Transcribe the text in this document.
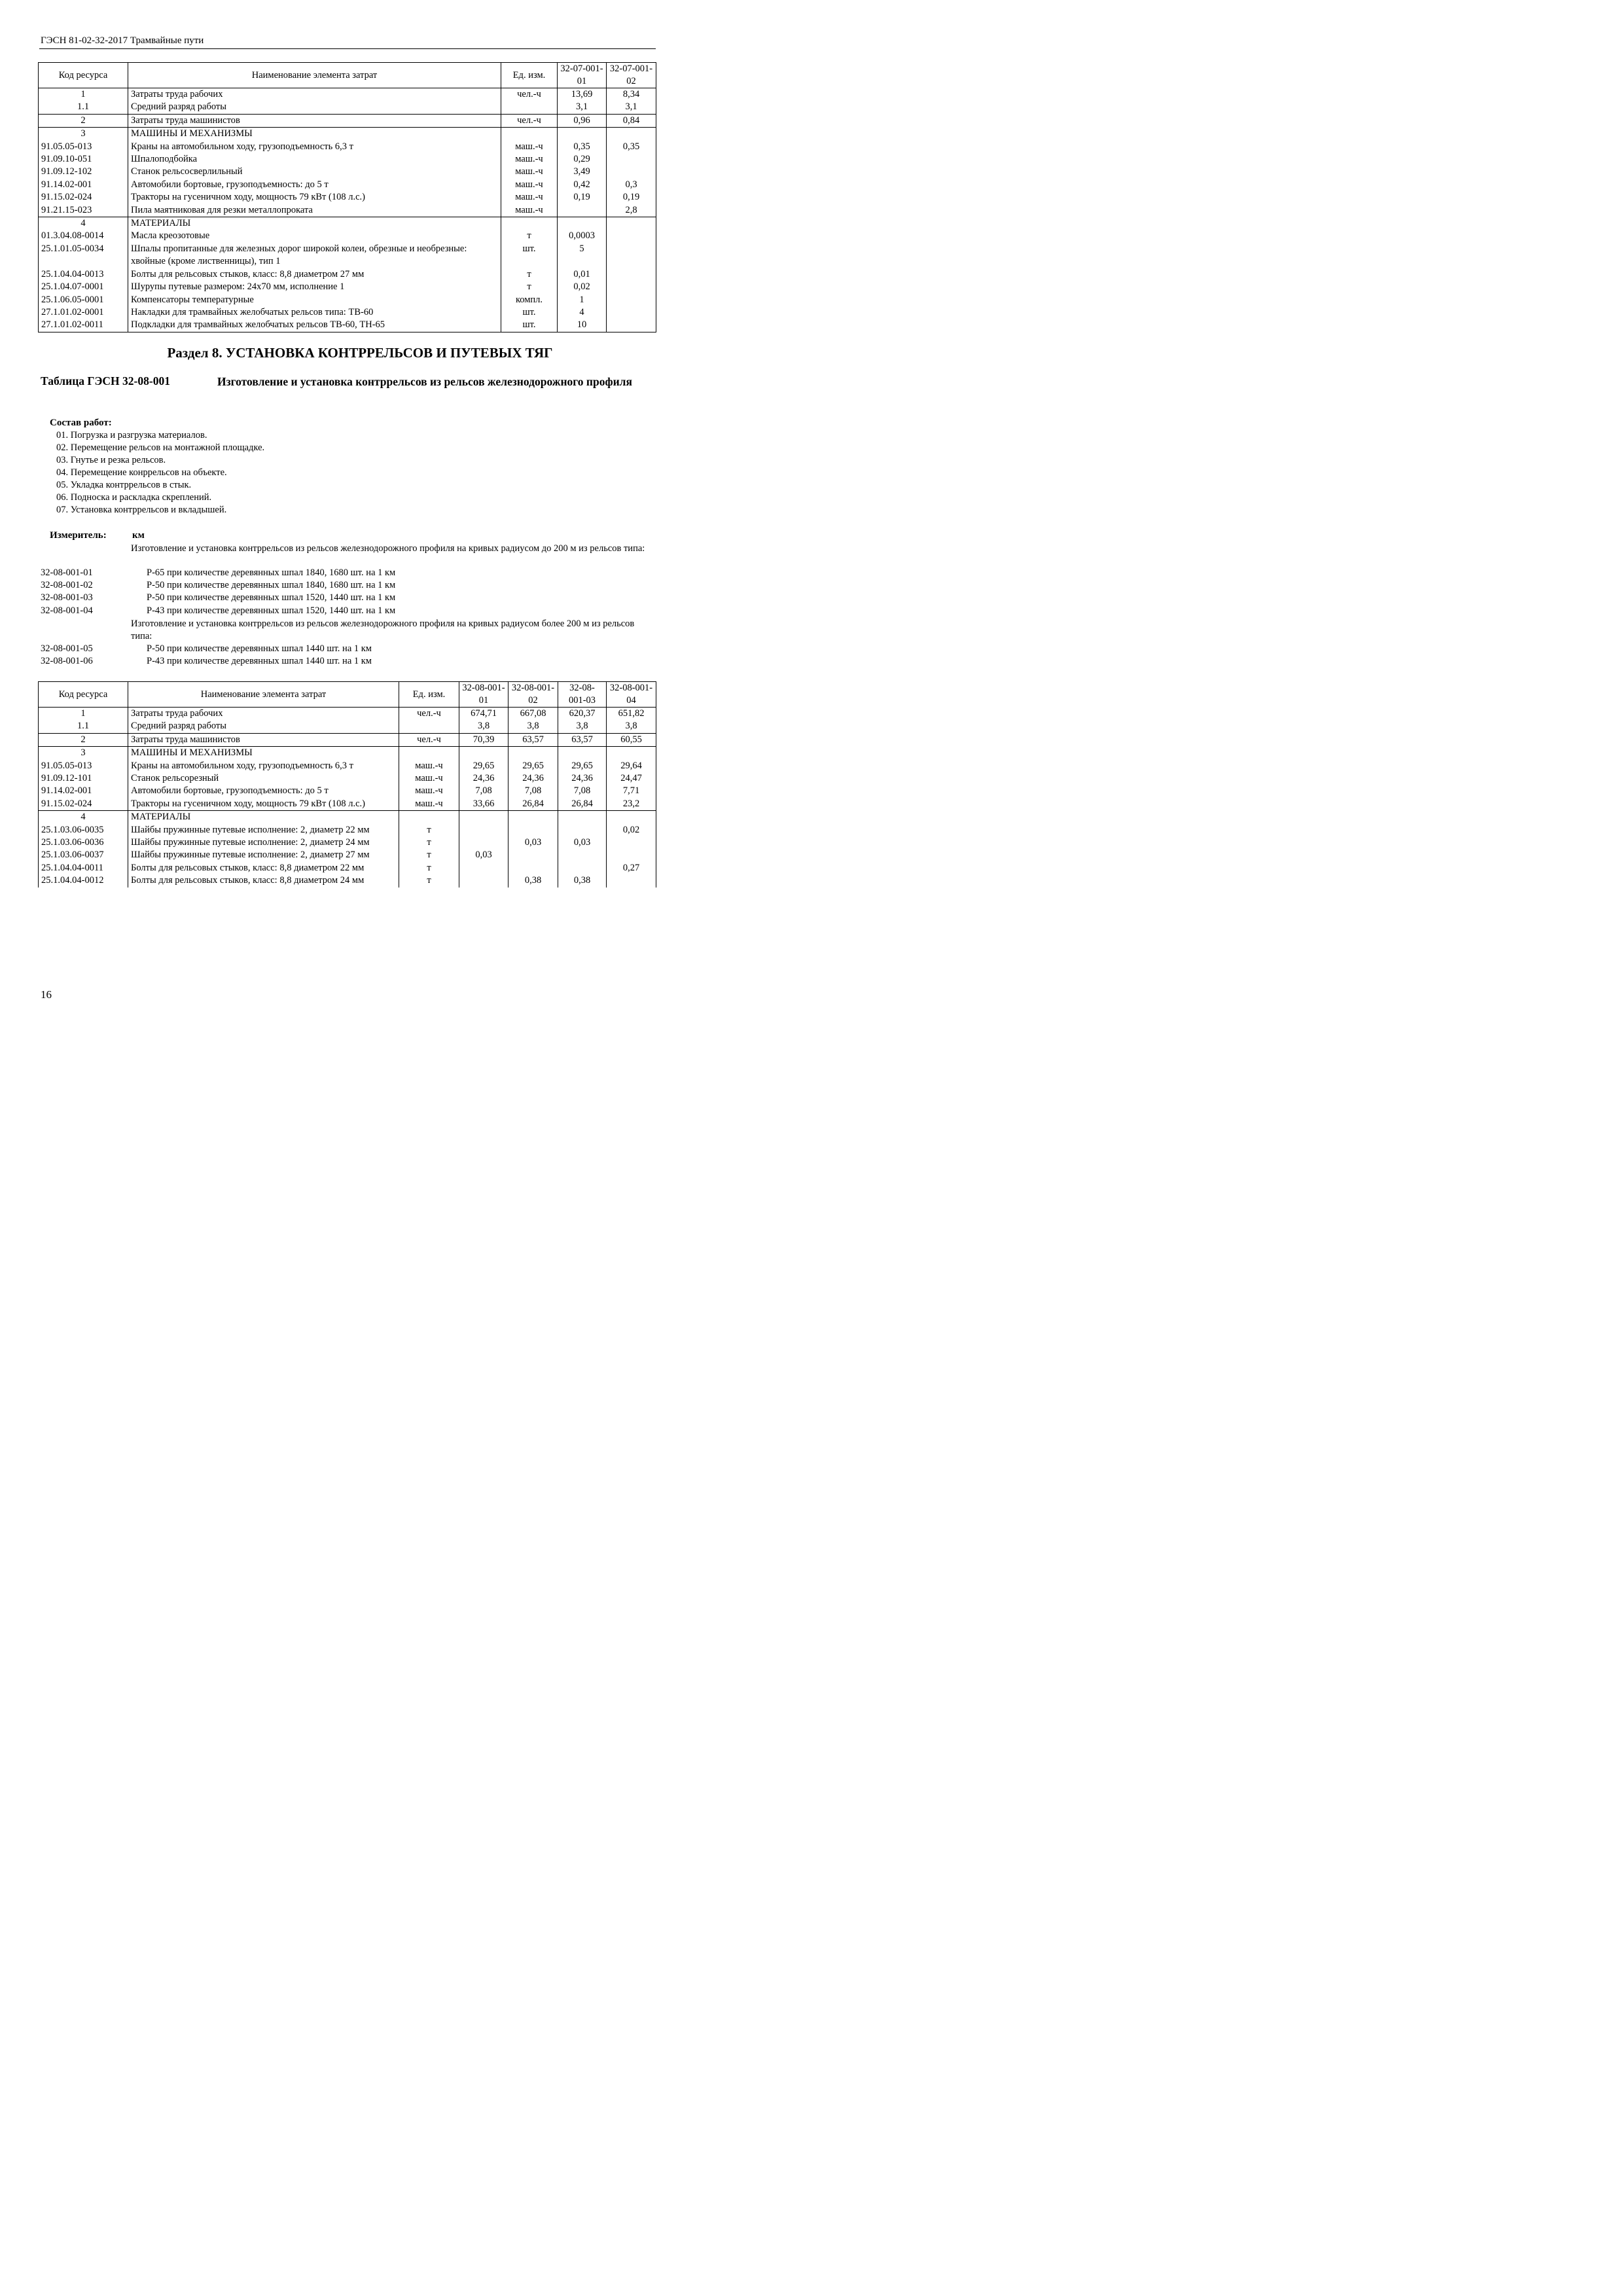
ГЭСН 81-02-32-2017 Трамвайные пути
Код ресурса	Наименование элемента затрат	Ед. изм.	32-07-001-01	32-07-001-02
1	Затраты труда рабочих	чел.-ч	13,69	8,34
1.1	Средний разряд работы		3,1	3,1
2	Затраты труда машинистов	чел.-ч	0,96	0,84
3	МАШИНЫ И МЕХАНИЗМЫ			
91.05.05-013	Краны на автомобильном ходу, грузоподъемность 6,3 т	маш.-ч	0,35	0,35
91.09.10-051	Шпалоподбойка	маш.-ч	0,29	
91.09.12-102	Станок рельсосверлильный	маш.-ч	3,49	
91.14.02-001	Автомобили бортовые, грузоподъемность: до 5 т	маш.-ч	0,42	0,3
91.15.02-024	Тракторы на гусеничном ходу, мощность 79 кВт (108 л.с.)	маш.-ч	0,19	0,19
91.21.15-023	Пила маятниковая для резки металлопроката	маш.-ч		2,8
4	МАТЕРИАЛЫ			
01.3.04.08-0014	Масла креозотовые	т	0,0003	
25.1.01.05-0034	Шпалы пропитанные для железных дорог широкой колеи, обрезные и необрезные: хвойные (кроме лиственницы), тип 1	шт.	5	
25.1.04.04-0013	Болты для рельсовых стыков, класс: 8,8 диаметром 27 мм	т	0,01	
25.1.04.07-0001	Шурупы путевые размером: 24х70 мм, исполнение 1	т	0,02	
25.1.06.05-0001	Компенсаторы температурные	компл.	1	
27.1.01.02-0001	Накладки для трамвайных желобчатых рельсов типа: ТВ-60	шт.	4	
27.1.01.02-0011	Подкладки для трамвайных желобчатых рельсов ТВ-60, ТН-65	шт.	10	
Раздел 8. УСТАНОВКА КОНТРРЕЛЬСОВ И ПУТЕВЫХ ТЯГ
Таблица ГЭСН 32-08-001	Изготовление и установка контррельсов из рельсов железнодорожного профиля
Состав работ:
01. Погрузка и разгрузка материалов.
02. Перемещение рельсов на монтажной площадке.
03. Гнутье и резка рельсов.
04. Перемещение конррельсов на объекте.
05. Укладка контррельсов в стык.
06. Подноска и раскладка скреплений.
07. Установка контррельсов и вкладышей.
Измеритель:	км
Изготовление и установка контррельсов из рельсов железнодорожного профиля на кривых радиусом до 200 м из рельсов типа:
32-08-001-01	Р-65 при количестве деревянных шпал 1840, 1680 шт. на 1 км
32-08-001-02	Р-50 при количестве деревянных шпал 1840, 1680 шт. на 1 км
32-08-001-03	Р-50 при количестве деревянных шпал 1520, 1440 шт. на 1 км
32-08-001-04	Р-43 при количестве деревянных шпал 1520, 1440 шт. на 1 км
Изготовление и установка контррельсов из рельсов железнодорожного профиля на кривых радиусом более 200 м из рельсов типа:
32-08-001-05	Р-50 при количестве деревянных шпал 1440 шт. на 1 км
32-08-001-06	Р-43 при количестве деревянных шпал 1440 шт. на 1 км
Код ресурса	Наименование элемента затрат	Ед. изм.	32-08-001-01	32-08-001-02	32-08-001-03	32-08-001-04
1	Затраты труда рабочих	чел.-ч	674,71	667,08	620,37	651,82
1.1	Средний разряд работы		3,8	3,8	3,8	3,8
2	Затраты труда машинистов	чел.-ч	70,39	63,57	63,57	60,55
3	МАШИНЫ И МЕХАНИЗМЫ					
91.05.05-013	Краны на автомобильном ходу, грузоподъемность 6,3 т	маш.-ч	29,65	29,65	29,65	29,64
91.09.12-101	Станок рельсорезный	маш.-ч	24,36	24,36	24,36	24,47
91.14.02-001	Автомобили бортовые, грузоподъемность: до 5 т	маш.-ч	7,08	7,08	7,08	7,71
91.15.02-024	Тракторы на гусеничном ходу, мощность 79 кВт (108 л.с.)	маш.-ч	33,66	26,84	26,84	23,2
4	МАТЕРИАЛЫ					
25.1.03.06-0035	Шайбы пружинные путевые исполнение: 2, диаметр 22 мм	т				0,02
25.1.03.06-0036	Шайбы пружинные путевые исполнение: 2, диаметр 24 мм	т		0,03	0,03	
25.1.03.06-0037	Шайбы пружинные путевые исполнение: 2, диаметр 27 мм	т	0,03			
25.1.04.04-0011	Болты для рельсовых стыков, класс: 8,8 диаметром 22 мм	т				0,27
25.1.04.04-0012	Болты для рельсовых стыков, класс: 8,8 диаметром 24 мм	т		0,38	0,38	
16
